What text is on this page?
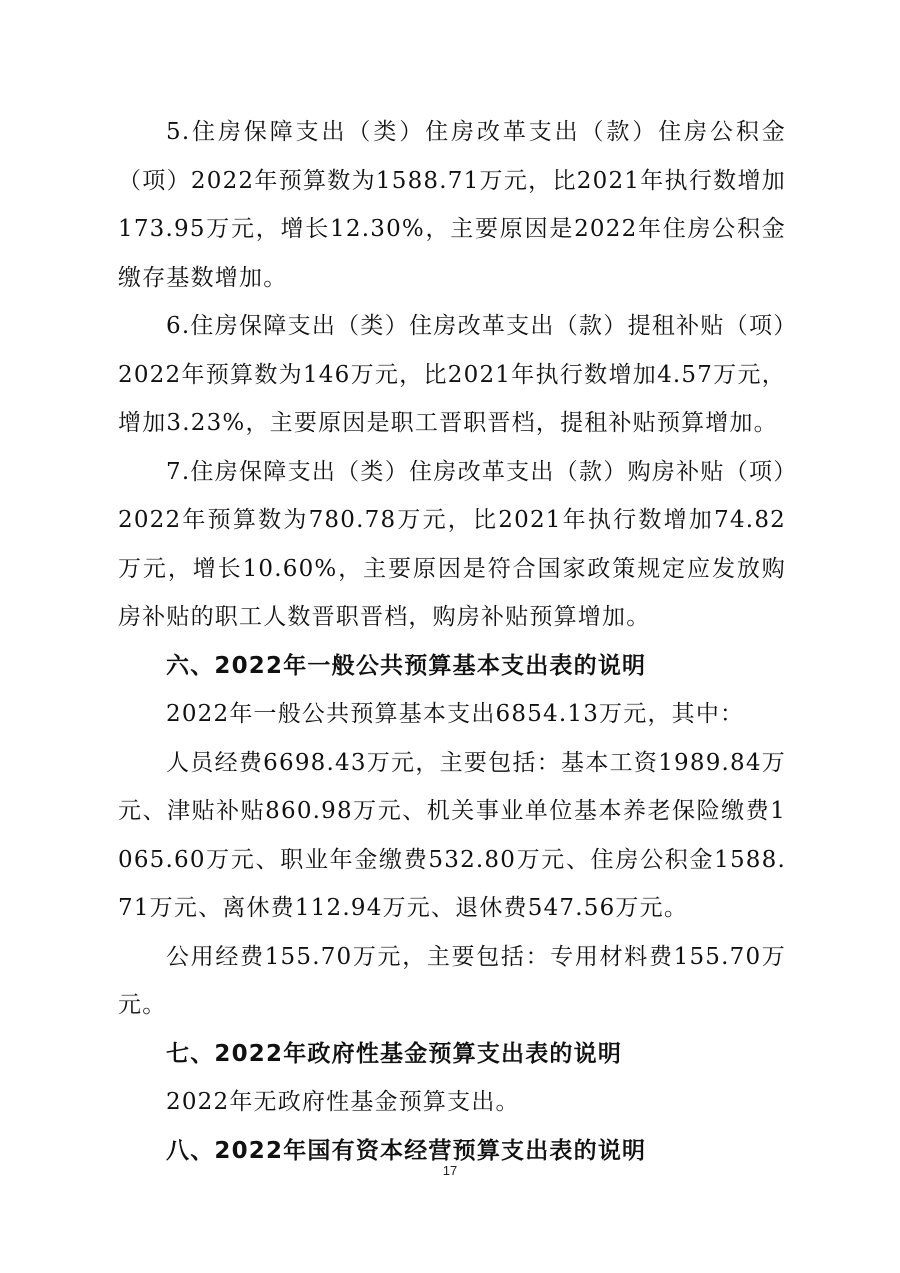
5.住房保障支出（类）住房改革支出（款）住房公积金（项）2022年预算数为1588.71万元，比2021年执行数增加173.95万元，增长12.30%，主要原因是2022年住房公积金缴存基数增加。

6.住房保障支出（类）住房改革支出（款）提租补贴（项）2022年预算数为146万元，比2021年执行数增加4.57万元，增加3.23%，主要原因是职工晋职晋档，提租补贴预算增加。

7.住房保障支出（类）住房改革支出（款）购房补贴（项）2022年预算数为780.78万元，比2021年执行数增加74.82万元，增长10.60%，主要原因是符合国家政策规定应发放购房补贴的职工人数晋职晋档，购房补贴预算增加。

六、2022年一般公共预算基本支出表的说明

2022年一般公共预算基本支出6854.13万元，其中：

人员经费6698.43万元，主要包括：基本工资1989.84万元、津贴补贴860.98万元、机关事业单位基本养老保险缴费1065.60万元、职业年金缴费532.80万元、住房公积金1588.71万元、离休费112.94万元、退休费547.56万元。

公用经费155.70万元，主要包括：专用材料费155.70万元。

七、2022年政府性基金预算支出表的说明

2022年无政府性基金预算支出。

八、2022年国有资本经营预算支出表的说明

17
